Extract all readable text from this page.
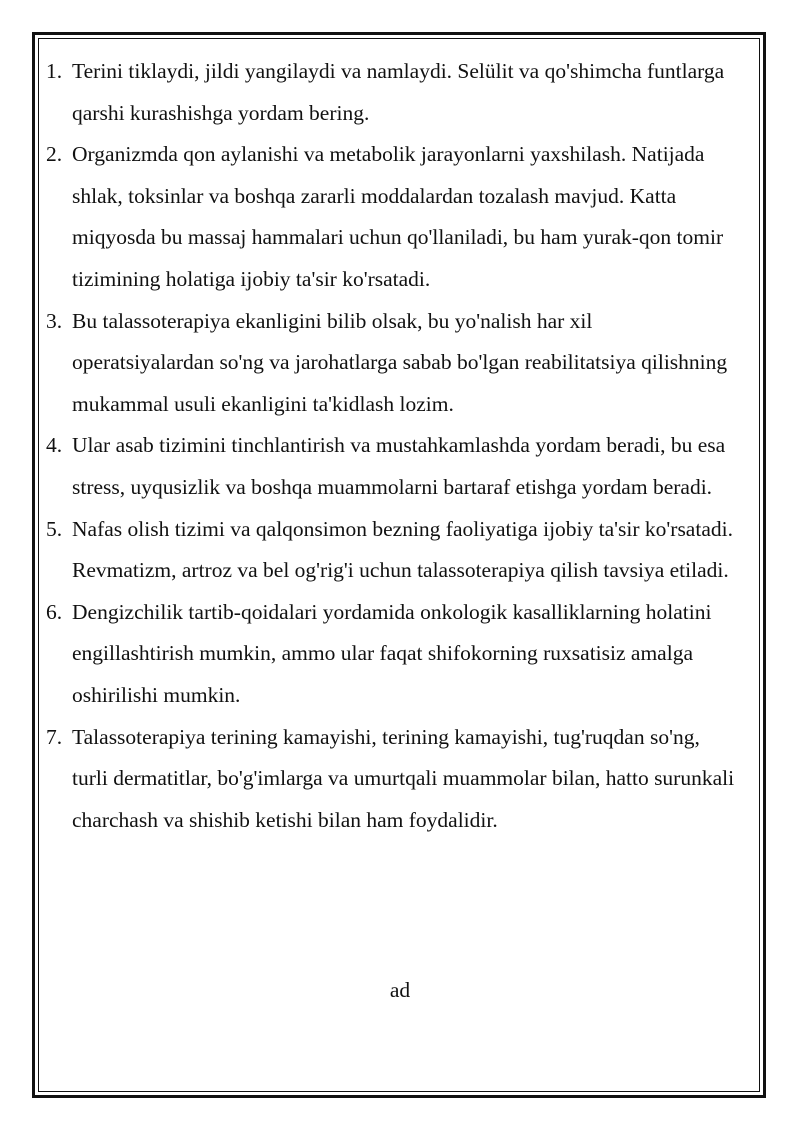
1. Terini tiklaydi, jildi yangilaydi va namlaydi. Selülit va qo'shimcha funtlarga qarshi kurashishga yordam bering.
2. Organizmda qon aylanishi va metabolik jarayonlarni yaxshilash. Natijada shlak, toksinlar va boshqa zararli moddalardan tozalash mavjud. Katta miqyosda bu massaj hammalari uchun qo'llaniladi, bu ham yurak-qon tomir tizimining holatiga ijobiy ta'sir ko'rsatadi.
3. Bu talassoterapiya ekanligini bilib olsak, bu yo'nalish har xil operatsiyalardan so'ng va jarohatlarga sabab bo'lgan reabilitatsiya qilishning mukammal usuli ekanligini ta'kidlash lozim.
4. Ular asab tizimini tinchlantirish va mustahkamlashda yordam beradi, bu esa stress, uyqusizlik va boshqa muammolarni bartaraf etishga yordam beradi.
5. Nafas olish tizimi va qalqonsimon bezning faoliyatiga ijobiy ta'sir ko'rsatadi. Revmatizm, artroz va bel og'rig'i uchun talassoterapiya qilish tavsiya etiladi.
6. Dengizchilik tartib-qoidalari yordamida onkologik kasalliklarning holatini engillashtirish mumkin, ammo ular faqat shifokorning ruxsatisiz amalga oshirilishi mumkin.
7. Talassoterapiya terining kamayishi, terining kamayishi, tug'ruqdan so'ng, turli dermatitlar, bo'g'imlarga va umurtqali muammolar bilan, hatto surunkali charchash va shishib ketishi bilan ham foydalidir.
ad
